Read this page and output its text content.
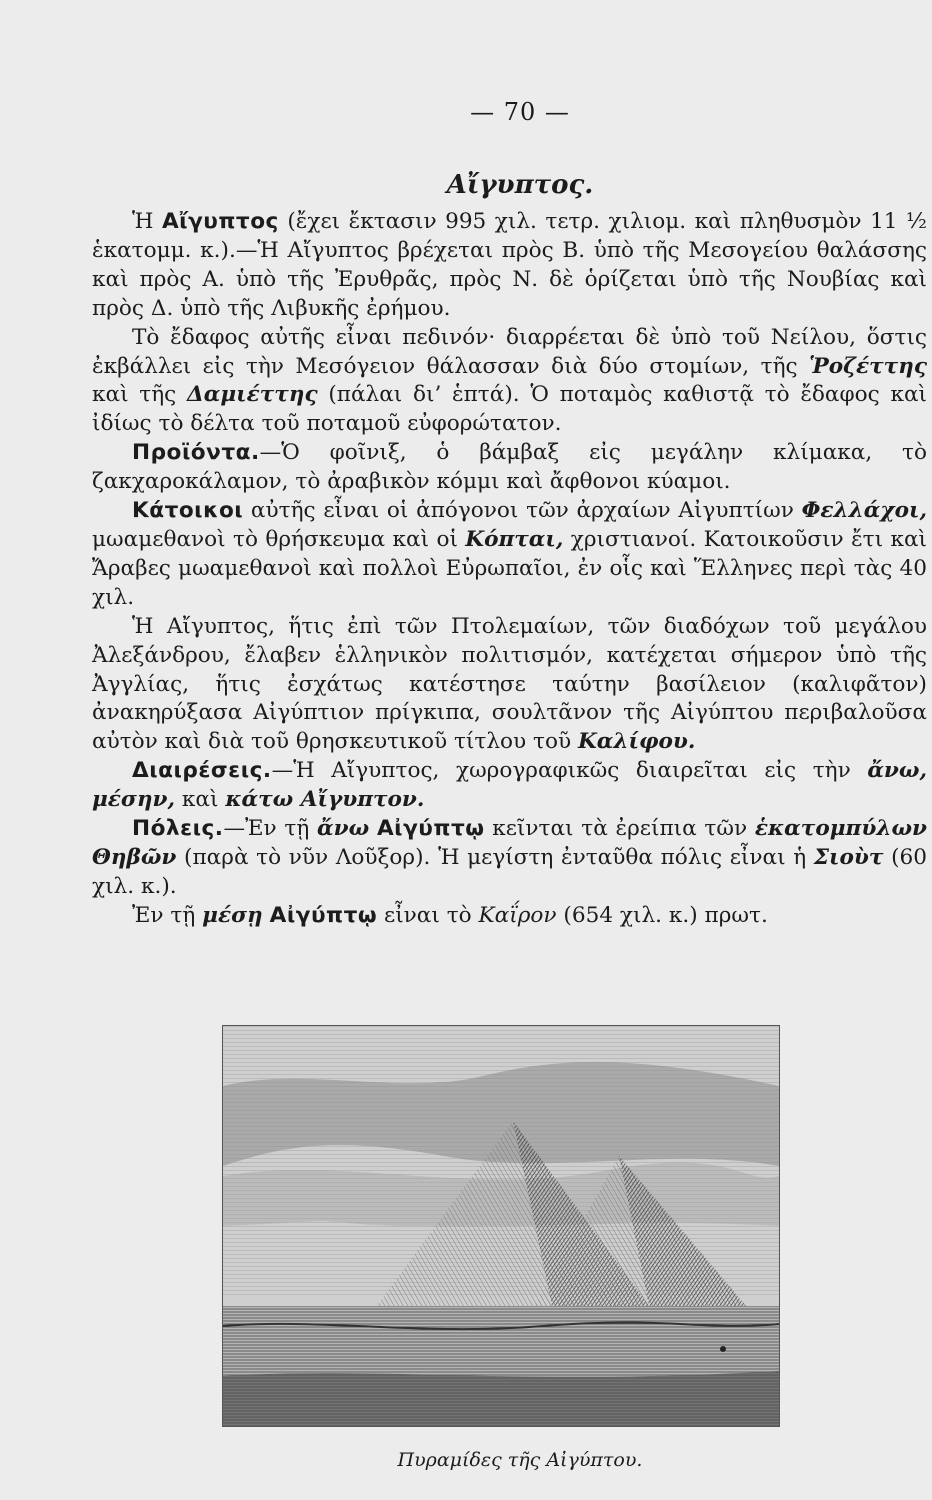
— 70 —
Αἴγυπτος.

Ἡ Αἴγυπτος (ἔχει ἔκτασιν 995 χιλ. τετρ. χιλιομ. καὶ πληθυσμὸν 11 ½ ἑκατομμ. κ.).—Ἡ Αἴγυπτος βρέχεται πρὸς Β. ὑπὸ τῆς Μεσογείου θαλάσσης καὶ πρὸς Α. ὑπὸ τῆς Ἐρυθρᾶς, πρὸς Ν. δὲ ὁρίζεται ὑπὸ τῆς Νουβίας καὶ πρὸς Δ. ὑπὸ τῆς Λιβυκῆς ἐρήμου.

Τὸ ἔδαφος αὐτῆς εἶναι πεδινόν· διαρρέεται δὲ ὑπὸ τοῦ Νείλου, ὅστις ἐκβάλλει εἰς τὴν Μεσόγειον θάλασσαν διὰ δύο στομίων, τῆς Ῥοζέττης καὶ τῆς Δαμιέττης (πάλαι δι’ ἑπτά). Ὁ ποταμὸς καθιστᾷ τὸ ἔδαφος καὶ ἰδίως τὸ δέλτα τοῦ ποταμοῦ εὐφορώτατον.

Προϊόντα.—Ὁ φοῖνιξ, ὁ βάμβαξ εἰς μεγάλην κλίμακα, τὸ ζακχαροκάλαμον, τὸ ἀραβικὸν κόμμι καὶ ἄφθονοι κύαμοι.

Κάτοικοι αὐτῆς εἶναι οἱ ἀπόγονοι τῶν ἀρχαίων Αἰγυπτίων Φελλάχοι, μωαμεθανοὶ τὸ θρήσκευμα καὶ οἱ Κόπται, χριστιανοί. Κατοικοῦσιν ἔτι καὶ Ἄραβες μωαμεθανοὶ καὶ πολλοὶ Εὐρωπαῖοι, ἐν οἷς καὶ Ἕλληνες περὶ τὰς 40 χιλ.

Ἡ Αἴγυπτος, ἥτις ἐπὶ τῶν Πτολεμαίων, τῶν διαδόχων τοῦ μεγάλου Ἀλεξάνδρου, ἔλαβεν ἑλληνικὸν πολιτισμόν, κατέχεται σήμερον ὑπὸ τῆς Ἀγγλίας, ἥτις ἐσχάτως κατέστησε ταύτην βασίλειον (καλιφᾶτον) ἀνακηρύξασα Αἰγύπτιον πρίγκιπα, σουλτᾶνον τῆς Αἰγύπτου περιβαλοῦσα αὐτὸν καὶ διὰ τοῦ θρησκευτικοῦ τίτλου τοῦ Καλίφου.

Διαιρέσεις.—Ἡ Αἴγυπτος, χωρογραφικῶς διαιρεῖται εἰς τὴν ἄνω, μέσην, καὶ κάτω Αἴγυπτον.

Πόλεις.—Ἐν τῇ ἄνω Αἰγύπτῳ κεῖνται τὰ ἐρείπια τῶν ἑκατομπύλων Θηβῶν (παρὰ τὸ νῦν Λοῦξορ). Ἡ μεγίστη ἐνταῦθα πόλις εἶναι ἡ Σιοὺτ (60 χιλ. κ.).

Ἐν τῇ μέσῃ Αἰγύπτῳ εἶναι τὸ Καΐρον (654 χιλ. κ.) πρωτ.

Πυραμίδες τῆς Αἰγύπτου.
